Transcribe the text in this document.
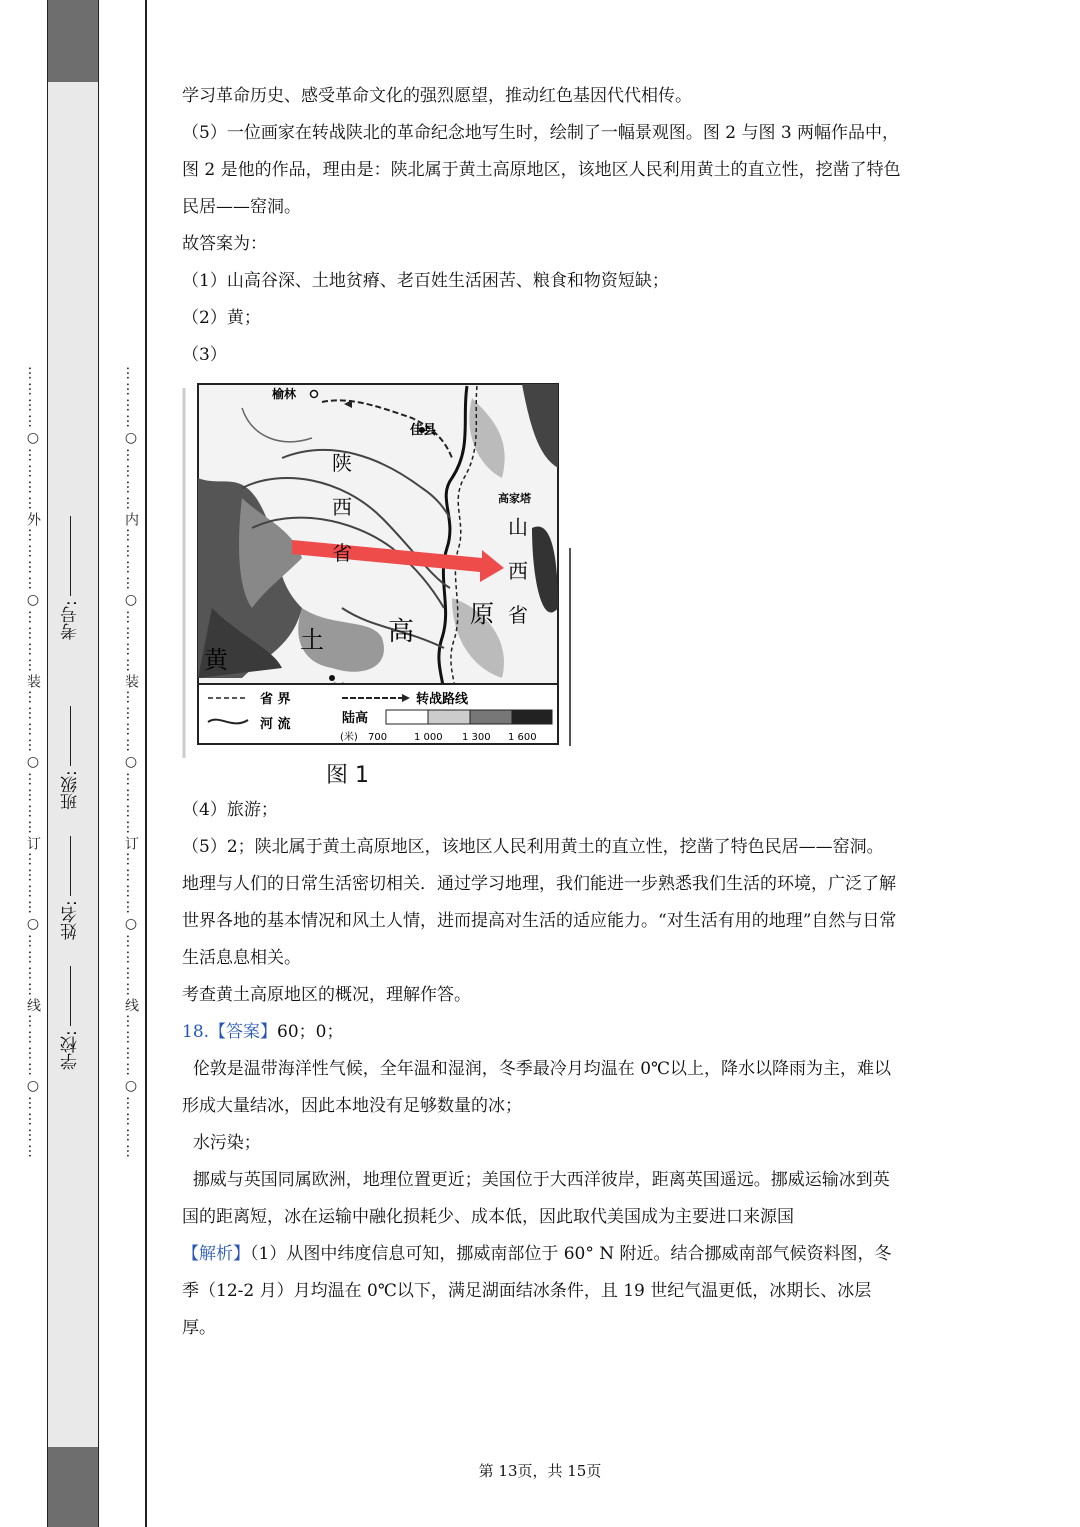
…………○…………外…………○…………装…………○…………订…………○…………线…………○…………	…………○…………内…………○…………装…………○…………订…………○…………线…………○…………
学校:
姓名:
班级:
考号:

学习革命历史、感受革命文化的强烈愿望，推动红色基因代代相传。

（5）一位画家在转战陕北的革命纪念地写生时，绘制了一幅景观图。图 2 与图 3 两幅作品中，图 2 是他的作品，理由是：陕北属于黄土高原地区，该地区人民利用黄土的直立性，挖凿了特色民居——窑洞。

故答案为：

（1）山高谷深、土地贫瘠、老百姓生活困苦、粮食和物资短缺；

（2）黄；

（3）

榆林
佳县
陕
西
省
高
原
山
西
省
黄
土
高家塔
省 界	转战路线
河 流	陆高
(米) 700	1 000 1 300 1 600
图 1

（4）旅游；

（5）2；陕北属于黄土高原地区，该地区人民利用黄土的直立性，挖凿了特色民居——窑洞。

地理与人们的日常生活密切相关．通过学习地理，我们能进一步熟悉我们生活的环境，广泛了解世界各地的基本情况和风土人情，进而提高对生活的适应能力。“对生活有用的地理”自然与日常生活息息相关。

考查黄土高原地区的概况，理解作答。

18.【答案】60；0；

伦敦是温带海洋性气候，全年温和湿润，冬季最冷月均温在 0℃以上，降水以降雨为主，难以形成大量结冰，因此本地没有足够数量的冰；

水污染；

挪威与英国同属欧洲，地理位置更近；美国位于大西洋彼岸，距离英国遥远。挪威运输冰到英国的距离短，冰在运输中融化损耗少、成本低，因此取代美国成为主要进口来源国

【解析】（1）从图中纬度信息可知，挪威南部位于 60° N 附近。结合挪威南部气候资料图，冬季（12-2 月）月均温在 0℃以下，满足湖面结冰条件，且 19 世纪气温更低，冰期长、冰层厚。

第 13页，共 15页
